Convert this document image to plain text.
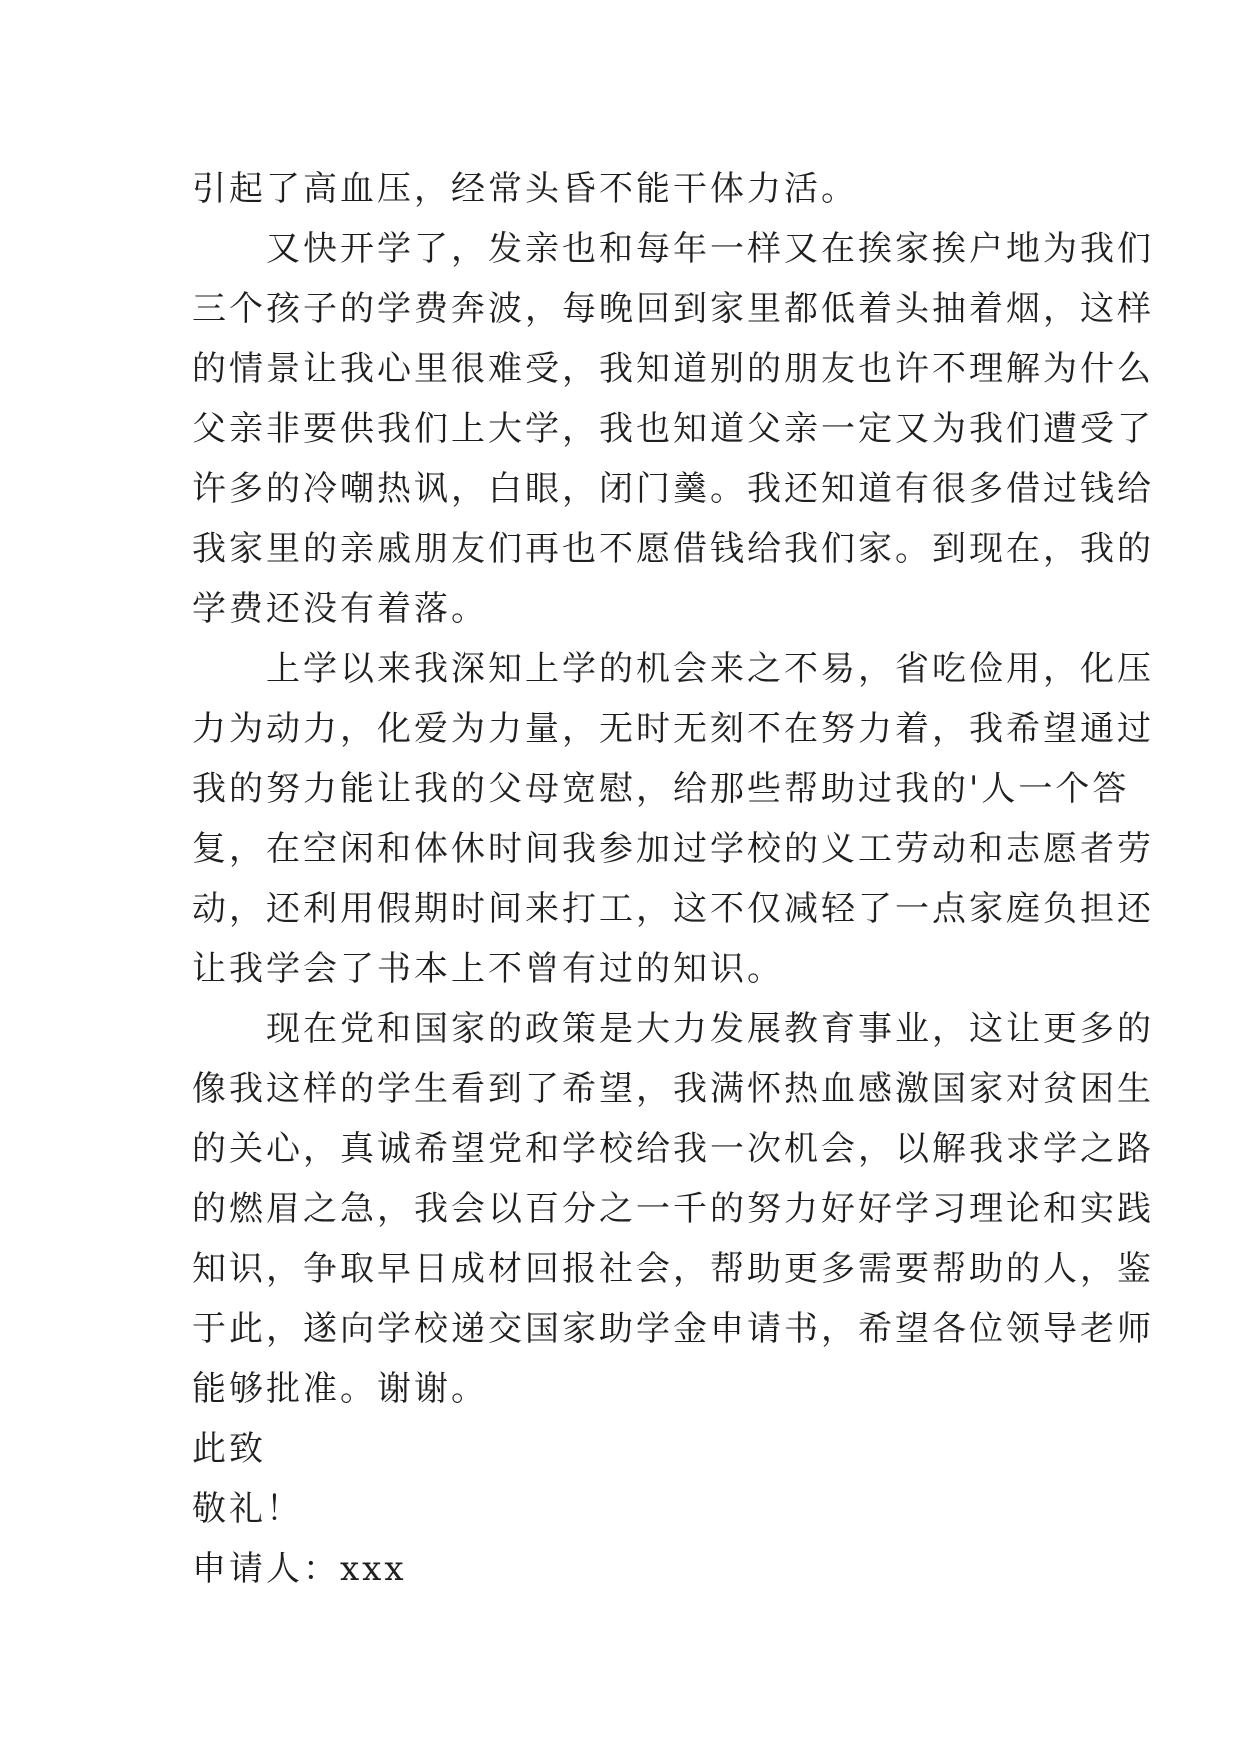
引起了高血压，经常头昏不能干体力活。
　　又快开学了，发亲也和每年一样又在挨家挨户地为我们
三个孩子的学费奔波，每晚回到家里都低着头抽着烟，这样
的情景让我心里很难受，我知道别的朋友也许不理解为什么
父亲非要供我们上大学，我也知道父亲一定又为我们遭受了
许多的冷嘲热讽，白眼，闭门羹。我还知道有很多借过钱给
我家里的亲戚朋友们再也不愿借钱给我们家。到现在，我的
学费还没有着落。
　　上学以来我深知上学的机会来之不易，省吃俭用，化压
力为动力，化爱为力量，无时无刻不在努力着，我希望通过
我的努力能让我的父母宽慰，给那些帮助过我的'人一个答
复，在空闲和体休时间我参加过学校的义工劳动和志愿者劳
动，还利用假期时间来打工，这不仅减轻了一点家庭负担还
让我学会了书本上不曾有过的知识。
　　现在党和国家的政策是大力发展教育事业，这让更多的
像我这样的学生看到了希望，我满怀热血感激国家对贫困生
的关心，真诚希望党和学校给我一次机会，以解我求学之路
的燃眉之急，我会以百分之一千的努力好好学习理论和实践
知识，争取早日成材回报社会，帮助更多需要帮助的人，鉴
于此，遂向学校递交国家助学金申请书，希望各位领导老师
能够批准。谢谢。
此致
敬礼！
申请人：xxx
